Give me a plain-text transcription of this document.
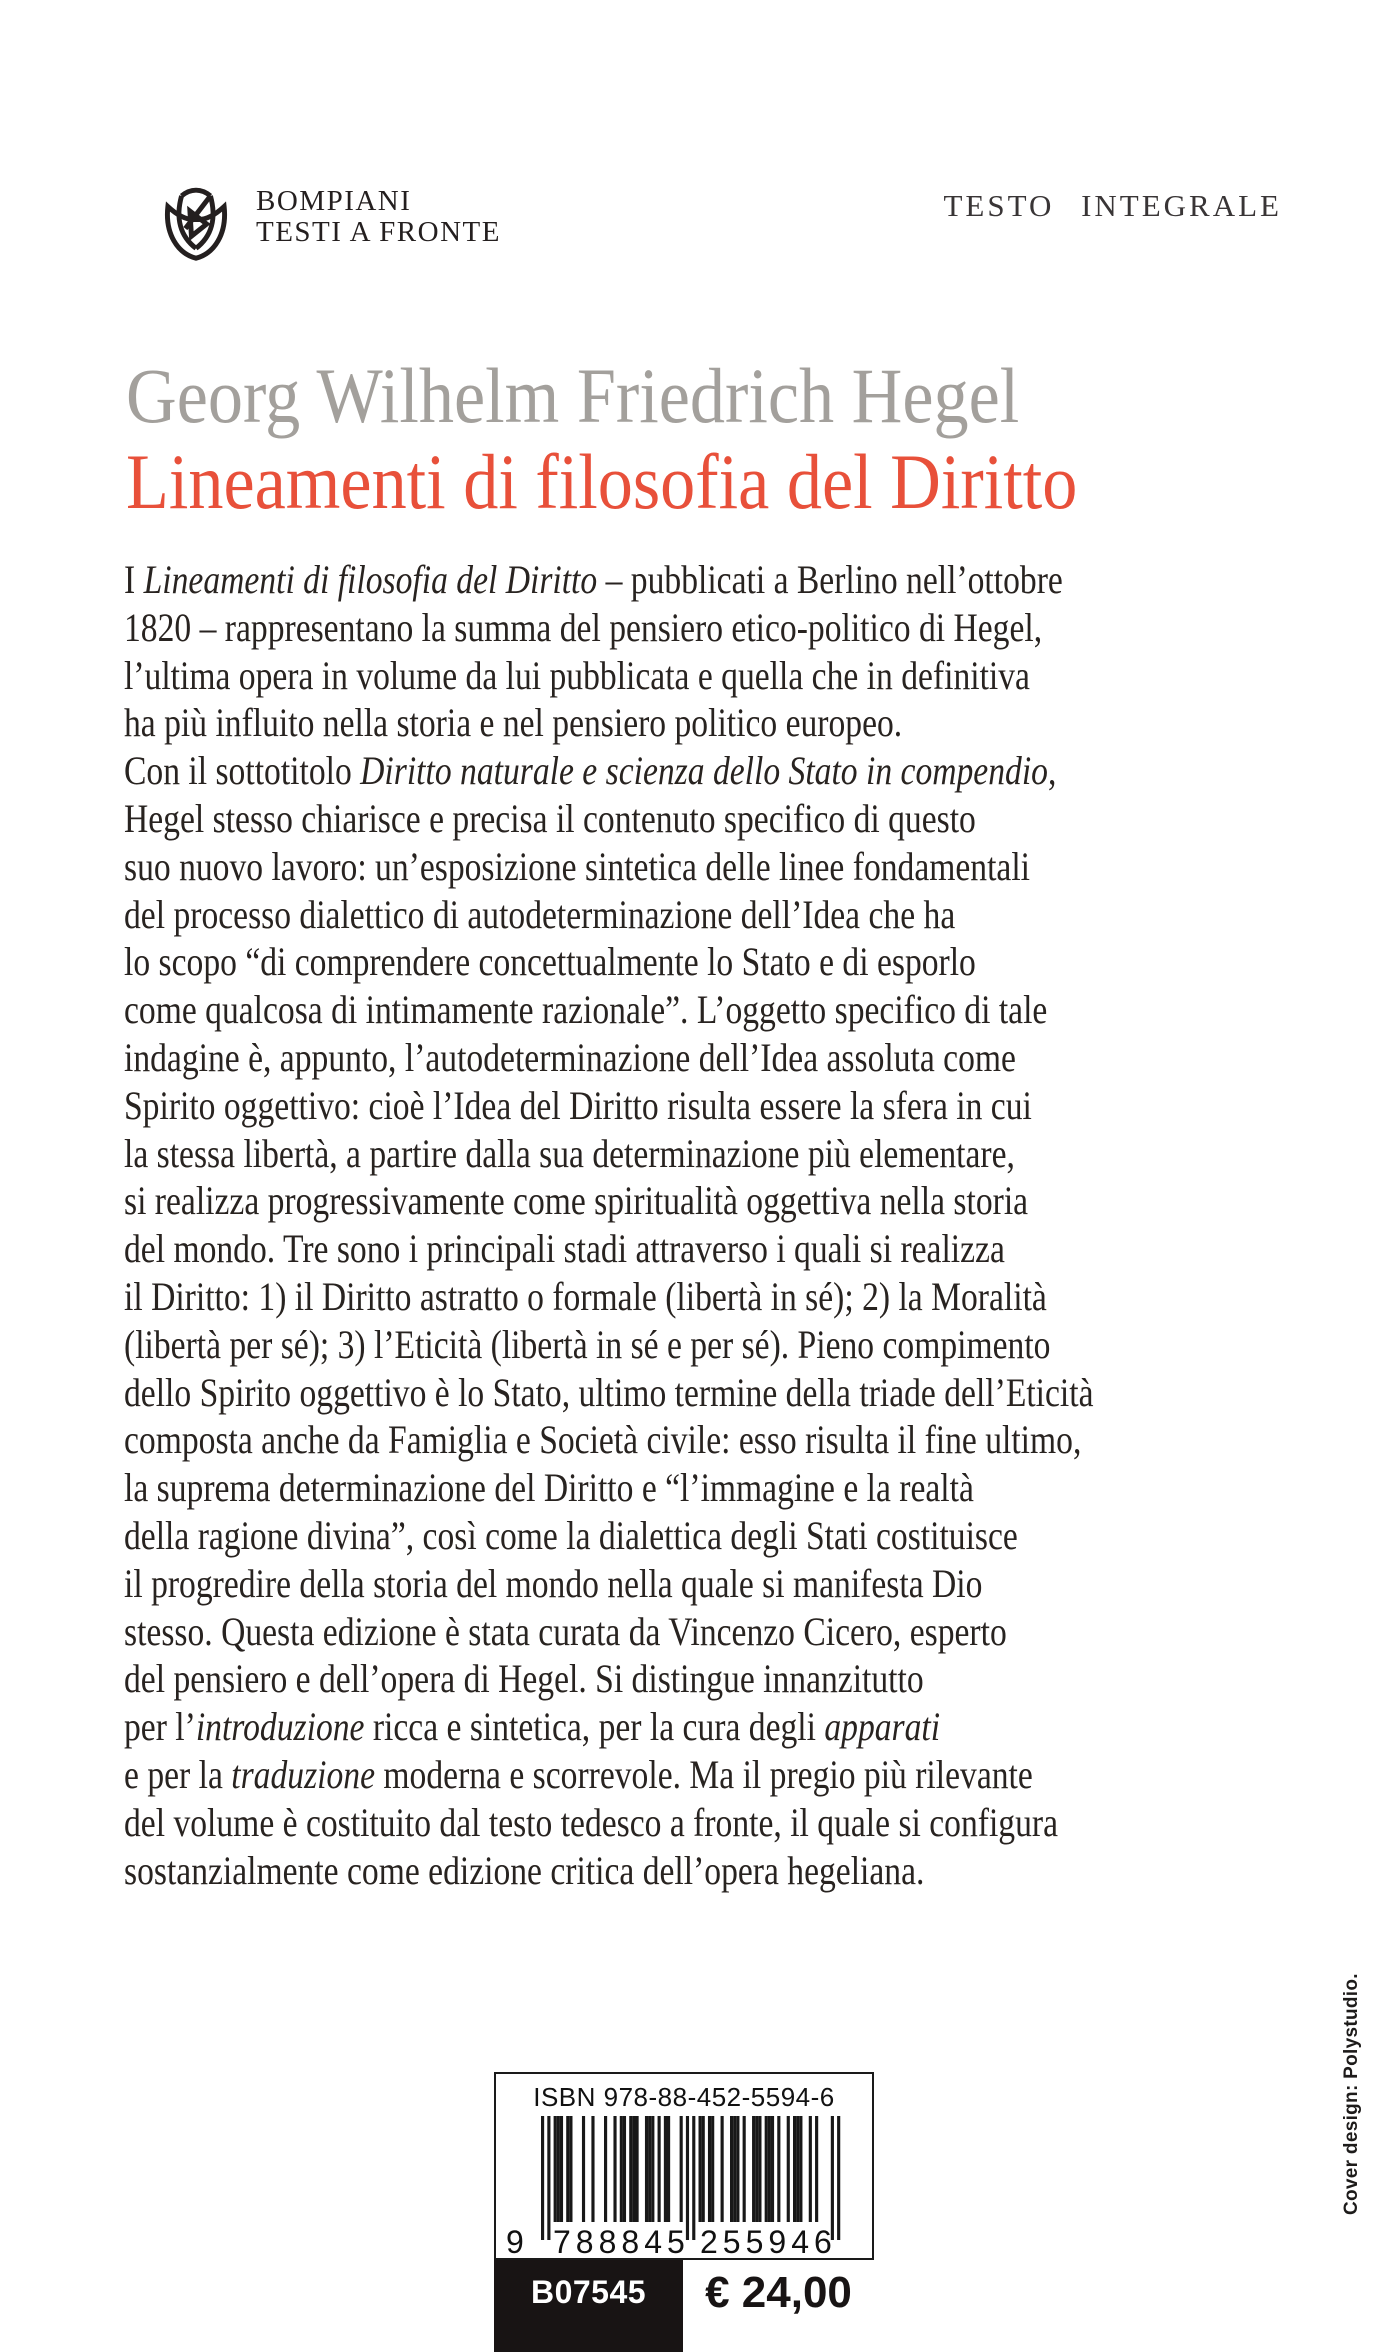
BOMPIANI
TESTI A FRONTE
TESTO INTEGRALE
Georg Wilhelm Friedrich Hegel
Lineamenti di filosofia del Diritto
I Lineamenti di filosofia del Diritto – pubblicati a Berlino nell’ottobre
1820 – rappresentano la summa del pensiero etico-politico di Hegel,
l’ultima opera in volume da lui pubblicata e quella che in definitiva
ha più influito nella storia e nel pensiero politico europeo.
Con il sottotitolo Diritto naturale e scienza dello Stato in compendio,
Hegel stesso chiarisce e precisa il contenuto specifico di questo
suo nuovo lavoro: un’esposizione sintetica delle linee fondamentali
del processo dialettico di autodeterminazione dell’Idea che ha
lo scopo “di comprendere concettualmente lo Stato e di esporlo
come qualcosa di intimamente razionale”. L’oggetto specifico di tale
indagine è, appunto, l’autodeterminazione dell’Idea assoluta come
Spirito oggettivo: cioè l’Idea del Diritto risulta essere la sfera in cui
la stessa libertà, a partire dalla sua determinazione più elementare,
si realizza progressivamente come spiritualità oggettiva nella storia
del mondo. Tre sono i principali stadi attraverso i quali si realizza
il Diritto: 1) il Diritto astratto o formale (libertà in sé); 2) la Moralità
(libertà per sé); 3) l’Eticità (libertà in sé e per sé). Pieno compimento
dello Spirito oggettivo è lo Stato, ultimo termine della triade dell’Eticità
composta anche da Famiglia e Società civile: esso risulta il fine ultimo,
la suprema determinazione del Diritto e “l’immagine e la realtà
della ragione divina”, così come la dialettica degli Stati costituisce
il progredire della storia del mondo nella quale si manifesta Dio
stesso. Questa edizione è stata curata da Vincenzo Cicero, esperto
del pensiero e dell’opera di Hegel. Si distingue innanzitutto
per l’introduzione ricca e sintetica, per la cura degli apparati
e per la traduzione moderna e scorrevole. Ma il pregio più rilevante
del volume è costituito dal testo tedesco a fronte, il quale si configura
sostanzialmente come edizione critica dell’opera hegeliana.
ISBN 978-88-452-5594-6
9 788845 255946
B07545 € 24,00
Cover design: Polystudio.
